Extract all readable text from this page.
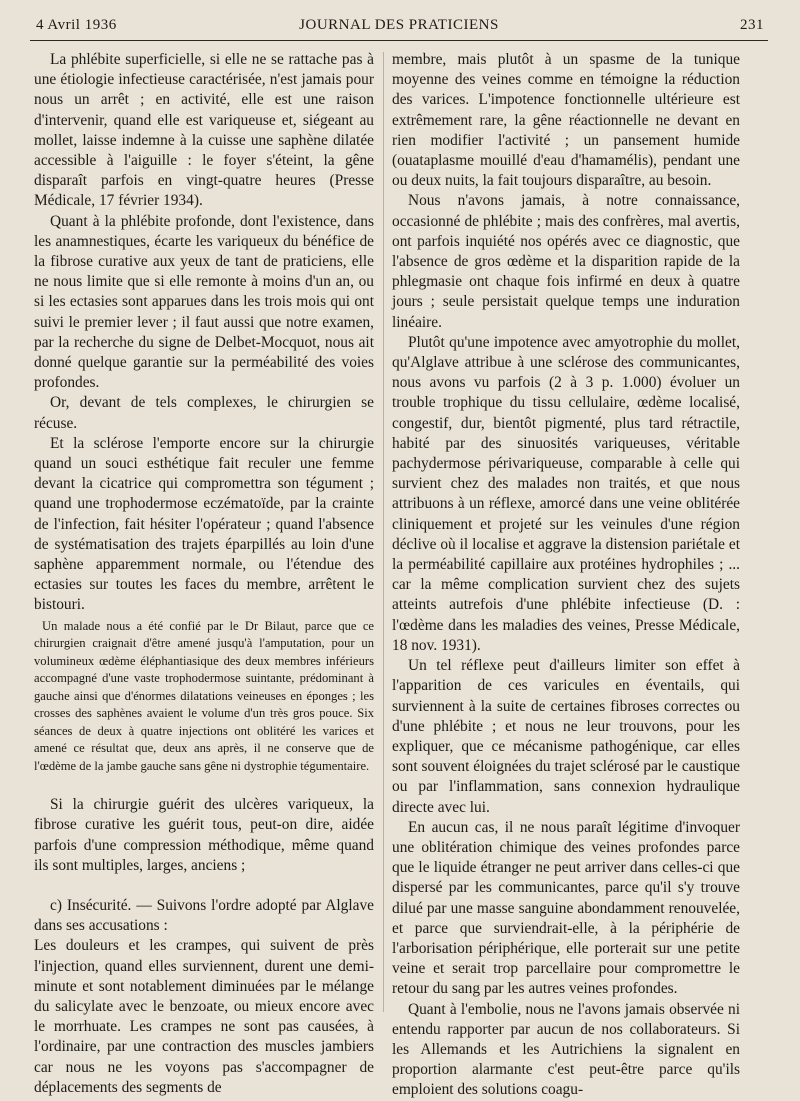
4 Avril 1936	JOURNAL DES PRATICIENS	231

La phlébite superficielle, si elle ne se rattache pas à une étiologie infectieuse caractérisée, n'est jamais pour nous un arrêt ; en activité, elle est une raison d'intervenir, quand elle est variqueuse et, siégeant au mollet, laisse indemne à la cuisse une saphène dilatée accessible à l'aiguille : le foyer s'éteint, la gêne disparaît parfois en vingt-quatre heures (Presse Médicale, 17 février 1934).

Quant à la phlébite profonde, dont l'existence, dans les anamnestiques, écarte les variqueux du bénéfice de la fibrose curative aux yeux de tant de praticiens, elle ne nous limite que si elle remonte à moins d'un an, ou si les ectasies sont apparues dans les trois mois qui ont suivi le premier lever ; il faut aussi que notre examen, par la recherche du signe de Delbet-Mocquot, nous ait donné quelque garantie sur la perméabilité des voies profondes.

Or, devant de tels complexes, le chirurgien se récuse.

Et la sclérose l'emporte encore sur la chirurgie quand un souci esthétique fait reculer une femme devant la cicatrice qui compromettra son tégument ; quand une trophodermose eczématoïde, par la crainte de l'infection, fait hésiter l'opérateur ; quand l'absence de systématisation des trajets éparpillés au loin d'une saphène apparemment normale, ou l'étendue des ectasies sur toutes les faces du membre, arrêtent le bistouri.

Un malade nous a été confié par le Dr Bilaut, parce que ce chirurgien craignait d'être amené jusqu'à l'amputation, pour un volumineux œdème éléphantiasique des deux membres inférieurs accompagné d'une vaste trophodermose suintante, prédominant à gauche ainsi que d'énormes dilatations veineuses en éponges ; les crosses des saphènes avaient le volume d'un très gros pouce. Six séances de deux à quatre injections ont oblitéré les varices et amené ce résultat que, deux ans après, il ne conserve que de l'œdème de la jambe gauche sans gêne ni dystrophie tégumentaire.

Si la chirurgie guérit des ulcères variqueux, la fibrose curative les guérit tous, peut-on dire, aidée parfois d'une compression méthodique, même quand ils sont multiples, larges, anciens ;

c) Insécurité. — Suivons l'ordre adopté par Alglave dans ses accusations :

Les douleurs et les crampes, qui suivent de près l'injection, quand elles surviennent, durent une demi-minute et sont notablement diminuées par le mélange du salicylate avec le benzoate, ou mieux encore avec le morrhuate. Les crampes ne sont pas causées, à l'ordinaire, par une contraction des muscles jambiers car nous ne les voyons pas s'accompagner de déplacements des segments de

membre, mais plutôt à un spasme de la tunique moyenne des veines comme en témoigne la réduction des varices. L'impotence fonctionnelle ultérieure est extrêmement rare, la gêne réactionnelle ne devant en rien modifier l'activité ; un pansement humide (ouataplasme mouillé d'eau d'hamamélis), pendant une ou deux nuits, la fait toujours disparaître, au besoin.

Nous n'avons jamais, à notre connaissance, occasionné de phlébite ; mais des confrères, mal avertis, ont parfois inquiété nos opérés avec ce diagnostic, que l'absence de gros œdème et la disparition rapide de la phlegmasie ont chaque fois infirmé en deux à quatre jours ; seule persistait quelque temps une induration linéaire.

Plutôt qu'une impotence avec amyotrophie du mollet, qu'Alglave attribue à une sclérose des communicantes, nous avons vu parfois (2 à 3 p. 1.000) évoluer un trouble trophique du tissu cellulaire, œdème localisé, congestif, dur, bientôt pigmenté, plus tard rétractile, habité par des sinuosités variqueuses, véritable pachydermose périvariqueuse, comparable à celle qui survient chez des malades non traités, et que nous attribuons à un réflexe, amorcé dans une veine oblitérée cliniquement et projeté sur les veinules d'une région déclive où il localise et aggrave la distension pariétale et la perméabilité capillaire aux protéines hydrophiles ; ... car la même complication survient chez des sujets atteints autrefois d'une phlébite infectieuse (D. : l'œdème dans les maladies des veines, Presse Médicale, 18 nov. 1931).

Un tel réflexe peut d'ailleurs limiter son effet à l'apparition de ces varicules en éventails, qui surviennent à la suite de certaines fibroses correctes ou d'une phlébite ; et nous ne leur trouvons, pour les expliquer, que ce mécanisme pathogénique, car elles sont souvent éloignées du trajet sclérosé par le caustique ou par l'inflammation, sans connexion hydraulique directe avec lui.

En aucun cas, il ne nous paraît légitime d'invoquer une oblitération chimique des veines profondes parce que le liquide étranger ne peut arriver dans celles-ci que dispersé par les communicantes, parce qu'il s'y trouve dilué par une masse sanguine abondamment renouvelée, et parce que surviendrait-elle, à la périphérie de l'arborisation périphérique, elle porterait sur une petite veine et serait trop parcellaire pour compromettre le retour du sang par les autres veines profondes.

Quant à l'embolie, nous ne l'avons jamais observée ni entendu rapporter par aucun de nos collaborateurs. Si les Allemands et les Autrichiens la signalent en proportion alarmante c'est peut-être parce qu'ils emploient des solutions coagu-
